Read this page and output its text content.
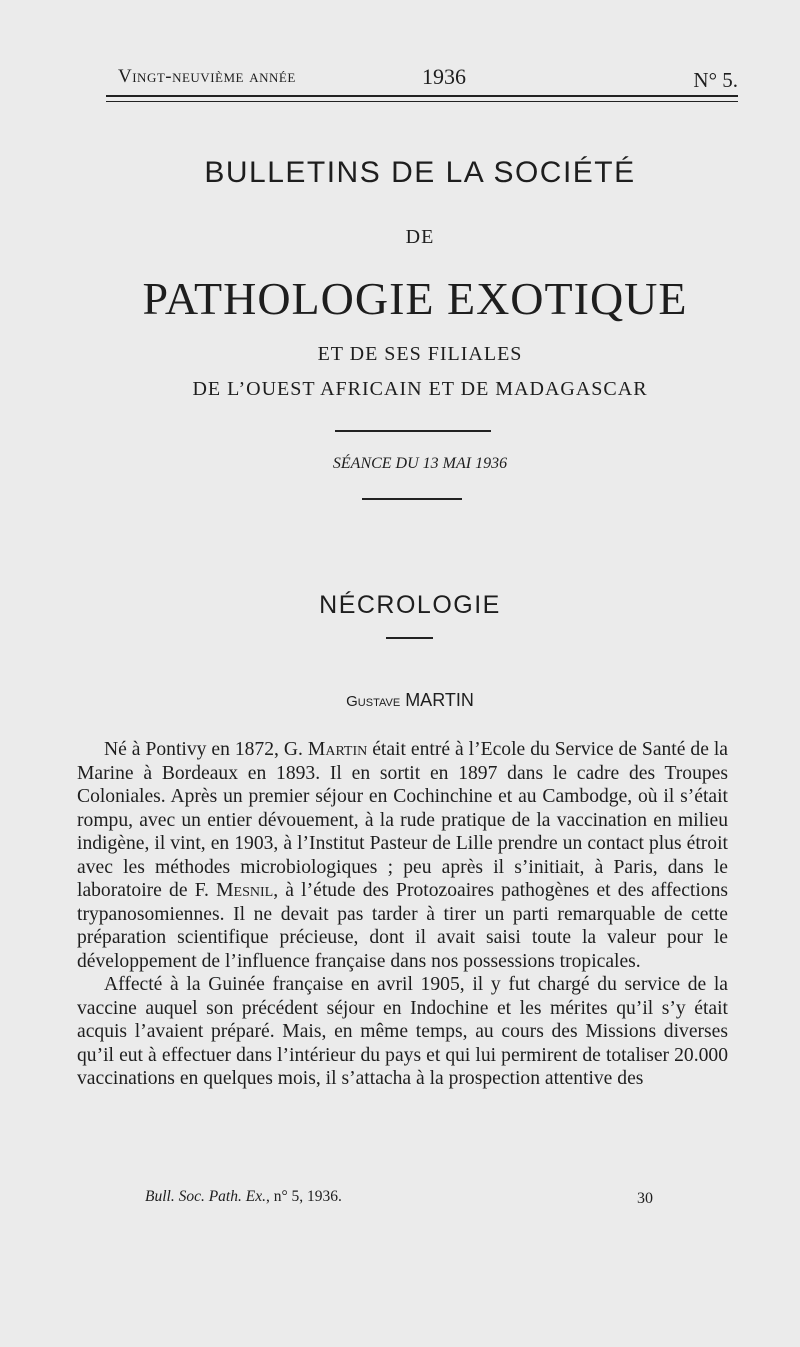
Vingt-neuvième année	1936	N° 5.
BULLETINS DE LA SOCIÉTÉ
DE
PATHOLOGIE EXOTIQUE
ET DE SES FILIALES
DE L’OUEST AFRICAIN ET DE MADAGASCAR
SÉANCE DU 13 MAI 1936
NÉCROLOGIE
Gustave MARTIN

Né à Pontivy en 1872, G. Martin était entré à l’Ecole du Service de Santé de la Marine à Bordeaux en 1893. Il en sortit en 1897 dans le cadre des Troupes Coloniales. Après un premier séjour en Cochinchine et au Cambodge, où il s’était rompu, avec un entier dévouement, à la rude pratique de la vaccination en milieu indigène, il vint, en 1903, à l’Institut Pasteur de Lille prendre un contact plus étroit avec les méthodes microbiologiques ; peu après il s’initiait, à Paris, dans le laboratoire de F. Mesnil, à l’étude des Protozoaires pathogènes et des affections trypanosomiennes. Il ne devait pas tarder à tirer un parti remarquable de cette préparation scientifique précieuse, dont il avait saisi toute la valeur pour le développement de l’influence française dans nos possessions tropicales.

Affecté à la Guinée française en avril 1905, il y fut chargé du service de la vaccine auquel son précédent séjour en Indochine et les mérites qu’il s’y était acquis l’avaient préparé. Mais, en même temps, au cours des Missions diverses qu’il eut à effectuer dans l’intérieur du pays et qui lui permirent de totaliser 20.000 vaccinations en quelques mois, il s’attacha à la prospection attentive des

Bull. Soc. Path. Ex., n° 5, 1936.	30
